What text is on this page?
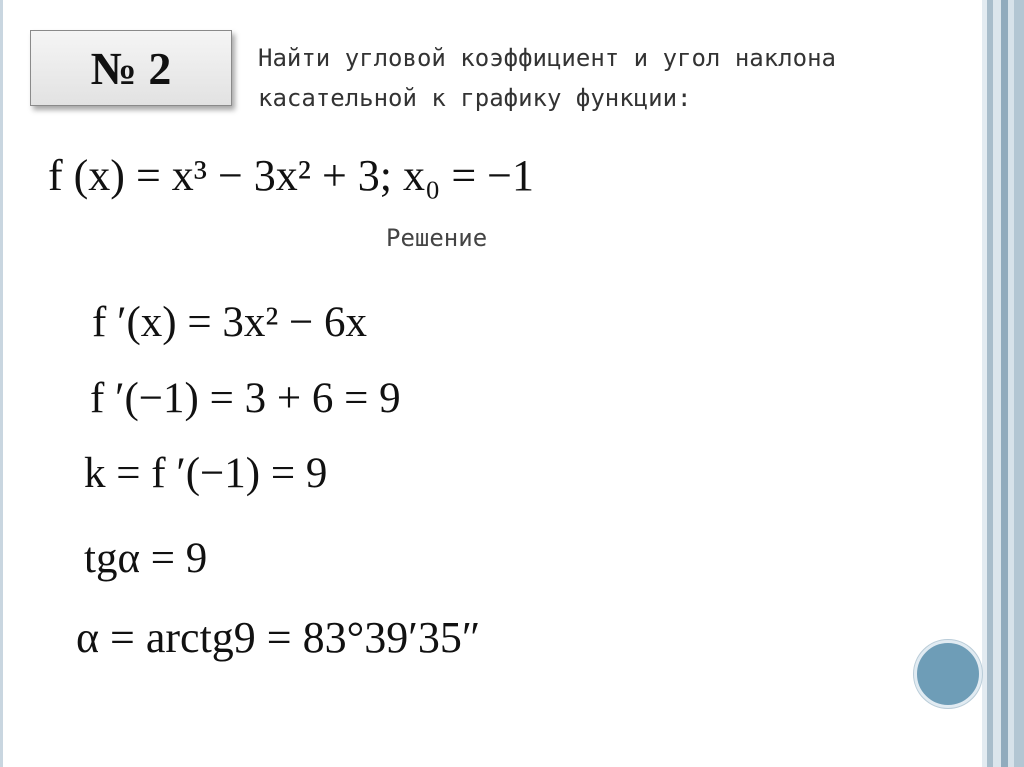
№ 2	Найти угловой коэффициент и угол наклона
касательной к графику функции:
f (x) = x³ − 3x² + 3; x₀ = −1
Решение
f ′(x) = 3x² − 6x
f ′(−1) = 3 + 6 = 9
k = f ′(−1) = 9
tgα = 9
α = arctg9 = 83°39′35″
